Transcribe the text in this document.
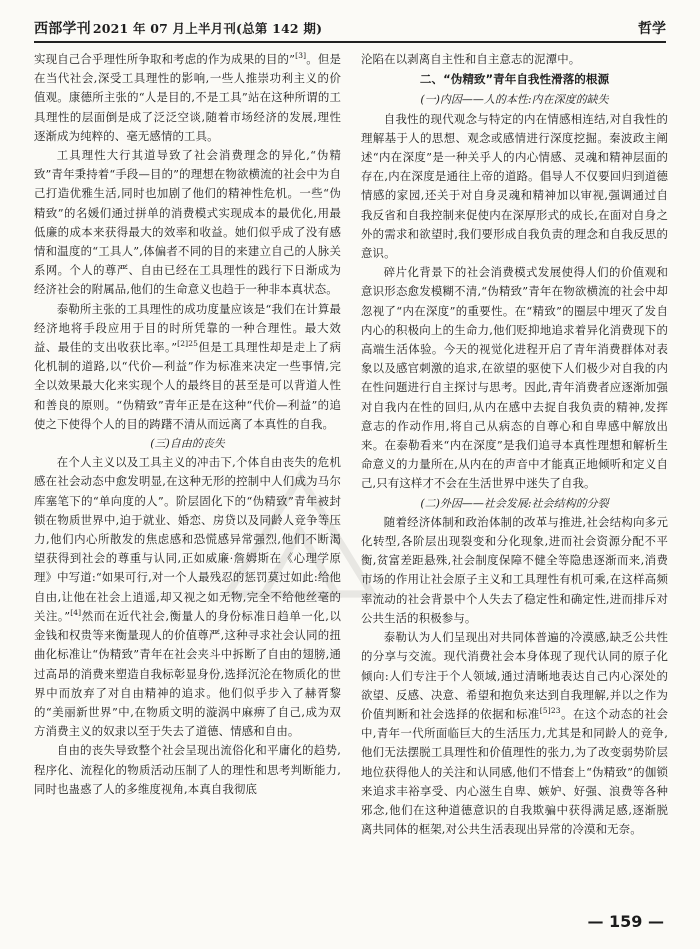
西部学刊 2021 年 07 月上半月刊(总第 142 期)	哲学

实现自己合乎理性所争取和考虑的作为成果的目的”[3]。但是在当代社会,深受工具理性的影响,一些人推崇功利主义的价值观。康德所主张的“人是目的,不是工具”站在这种所谓的工具理性的层面倒是成了泛泛空谈,随着市场经济的发展,理性逐渐成为纯粹的、毫无感情的工具。

工具理性大行其道导致了社会消费理念的异化,“伪精致”青年秉持着“手段—目的”的理想在物欲横流的社会中为自己打造优雅生活,同时也加剧了他们的精神性危机。一些“伪精致”的名媛们通过拼单的消费模式实现成本的最优化,用最低廉的成本来获得最大的效率和收益。她们似乎成了没有感情和温度的“工具人”,体偏者不同的目的来建立自己的人脉关系网。个人的尊严、自由已经在工具理性的践行下日渐成为经济社会的附属品,他们的生命意义也趋于一种非本真状态。

泰勒所主张的工具理性的成功度量应该是“我们在计算最经济地将手段应用于目的时所凭靠的一种合理性。最大效益、最佳的支出收获比率。”$^{[2]25}$但是工具理性却是走上了病化机制的道路,以“代价—利益”作为标准来决定一些事情,完全以效果最大化来实现个人的最终目的甚至是可以背道人性和善良的原则。“伪精致”青年正是在这种“代价—利益”的追使之下使得个人的目的踌躇不清从而远离了本真性的自我。

(三)自由的丧失

在个人主义以及工具主义的冲击下,个体自由丧失的危机感在社会动态中愈发明显,在这种无形的控制中人们成为马尔库塞笔下的“单向度的人”。阶层固化下的“伪精致”青年被封锁在物质世界中,迫于就业、婚恋、房贷以及同龄人竞争等压力,他们内心所散发的焦虑感和恐慌感异常强烈,他们不断渴望获得到社会的尊重与认同,正如威廉·詹姆斯在《心理学原理》中写道:“如果可行,对一个人最残忍的惩罚莫过如此:给他自由,让他在社会上逍遥,却又视之如无物,完全不给他丝毫的关注。”[4]然而在近代社会,衡量人的身份标准日趋单一化,以金钱和权贵等来衡量现人的价值尊严,这种寻求社会认同的扭曲化标准让“伪精致”青年在社会夹斗中拆断了自由的翅膀,通过高昂的消费来塑造自我标彰显身份,选择沉沦在物质化的世界中而放弃了对自由精神的追求。他们似乎步入了赫胥黎的“美丽新世界”中,在物质文明的漩涡中麻痹了自己,成为双方消费主义的奴隶以至于失去了道德、情感和自由。

自由的丧失导致整个社会呈现出流俗化和平庸化的趋势,程序化、流程化的物质活动压制了人的理性和思考判断能力,同时也蛊惑了人的多维度视角,本真自我彻底

沦陷在以剥离自主性和自主意志的泥潭中。

二、“伪精致”青年自我性滑落的根源
(一)内因——人的本性:内在深度的缺失

自我性的现代观念与特定的内在情感相连结,对自我性的理解基于人的思想、观念或感情进行深度挖掘。秦波政主阐述“内在深度”是一种关乎人的内心情感、灵魂和精神层面的存在,内在深度是通往上帝的道路。倡导人不仅要回归到道德情感的家园,还关于对自身灵魂和精神加以审视,强调通过自我反省和自我控制来促使内在深厚形式的成长,在面对自身之外的需求和欲望时,我们要形成自我负责的理念和自我反思的意识。

碎片化背景下的社会消费模式发展使得人们的价值观和意识形态愈发模糊不清,“伪精致”青年在物欲横流的社会中却忽视了“内在深度”的重要性。在“精致”的圈层中埋灭了发自内心的积极向上的生命力,他们贬抑地追求着异化消费现下的高端生活体验。今天的视觉化进程开启了青年消费群体对表象以及感官刺激的追求,在欲望的驱使下人们极少对自我的内在性问题进行自主探讨与思考。因此,青年消费者应逐渐加强对自我内在性的回归,从内在感中去捉自我负责的精神,发挥意志的作动作用,将自己从病态的自尊心和自卑感中解放出来。在泰勒看来“内在深度”是我们追寻本真性理想和解析生命意义的力量所在,从内在的声音中才能真正地倾听和定义自己,只有这样才不会在生活世界中迷失了自我。

(二)外因——社会发展:社会结构的分裂

随着经济体制和政治体制的改革与推进,社会结构向多元化转型,各阶层出现裂变和分化现象,进而社会资源分配不平衡,贫富差距悬殊,社会制度保障不健全等隐患逐渐而来,消费市场的作用让社会原子主义和工具理性有机可乘,在这样高频率流动的社会背景中个人失去了稳定性和确定性,进而排斥对公共生活的积极参与。

泰勒认为人们呈现出对共同体普遍的冷漠感,缺乏公共性的分享与交流。现代消费社会本身体现了现代认同的原子化倾向:人们专注于个人领域,通过清晰地表达自己内心深处的欲望、反感、决意、希望和抱负来达到自我理解,并以之作为价值判断和社会选择的依据和标准$^{[5]23}$。在这个动态的社会中,青年一代所面临巨大的生活压力,尤其是和同龄人的竞争,他们无法摆脱工具理性和价值理性的张力,为了改变弱势阶层地位获得他人的关注和认同感,他们不惜套上“伪精致”的伽锁来追求丰裕享受、内心滋生自卑、嫉妒、好强、浪费等各种邪念,他们在这种道德意识的自我欺骗中获得满足感,逐渐脱离共同体的框架,对公共生活表现出异常的冷漠和无奈。

— 159 —
